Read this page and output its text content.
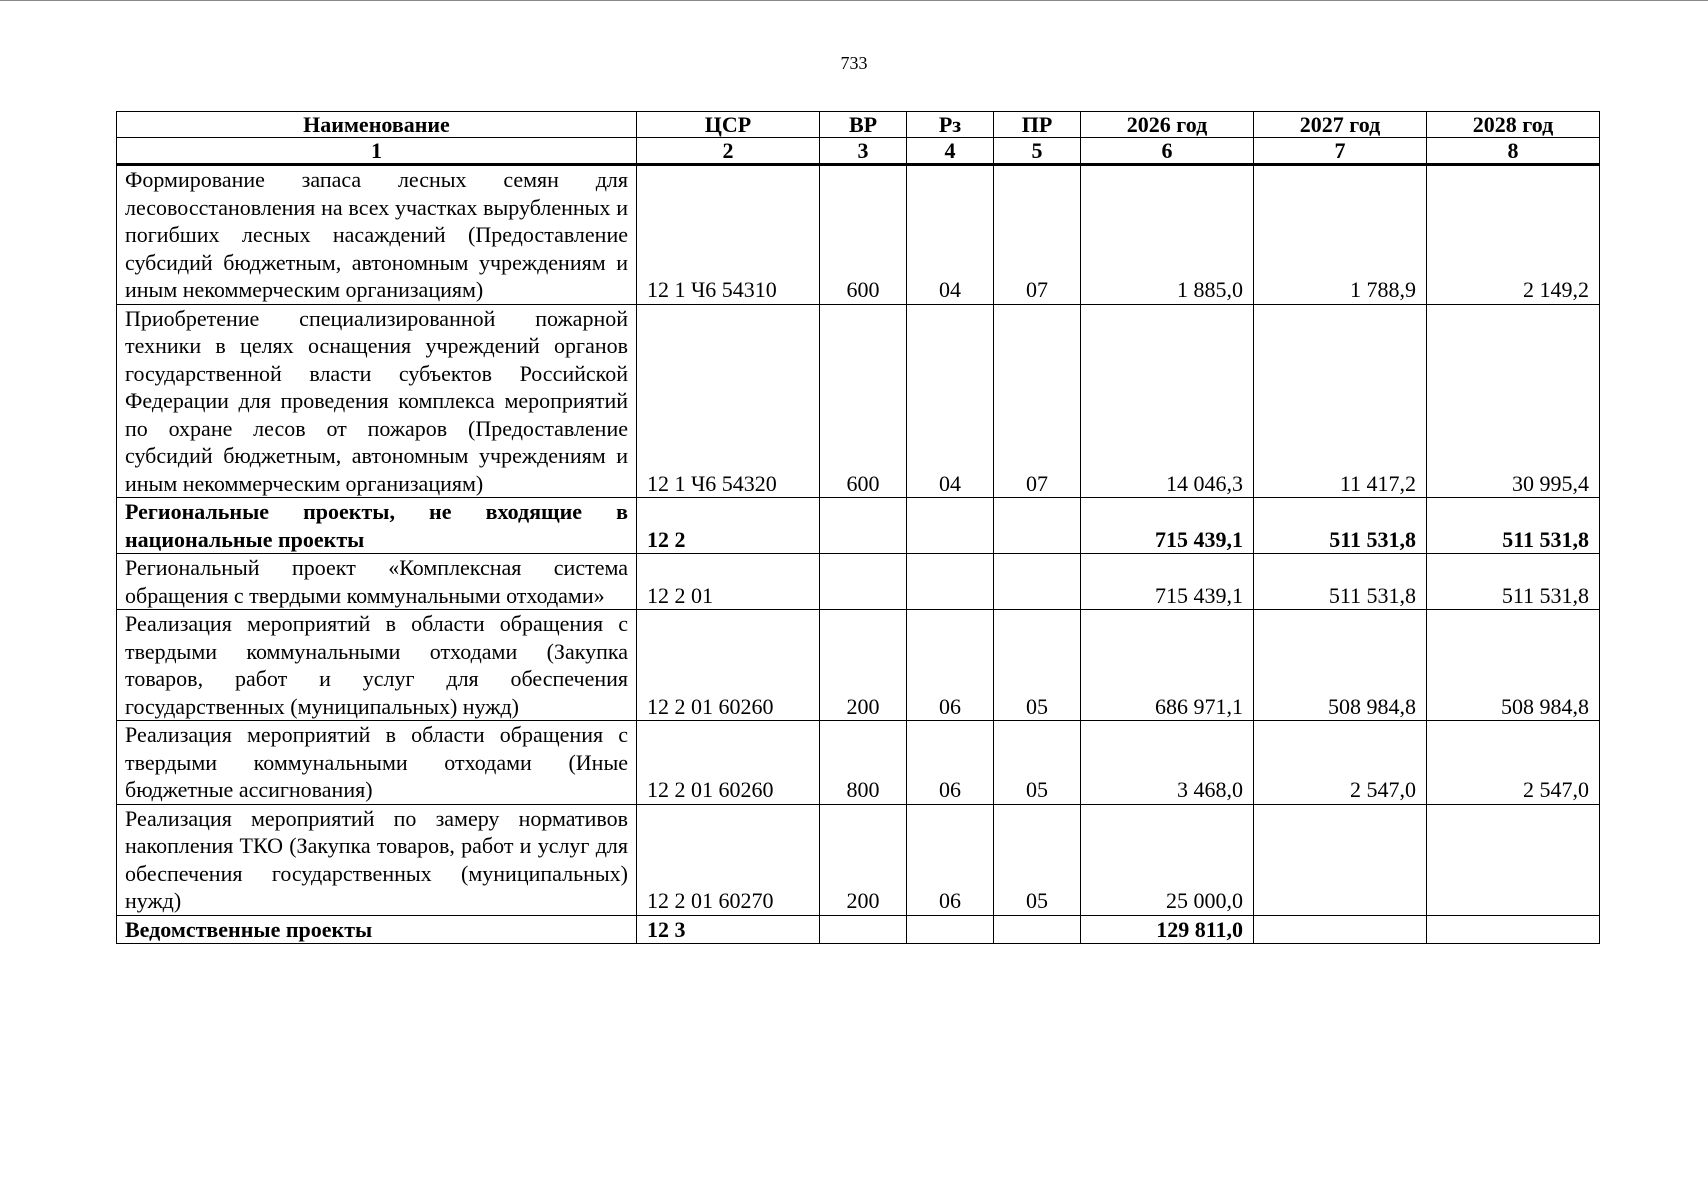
733
Наименование	ЦСР	ВР	Рз	ПР	2026 год	2027 год	2028 год
1	2	3	4	5	6	7	8
Формирование запаса лесных семян для лесовосстановления на всех участках вырубленных и погибших лесных насаждений (Предоставление субсидий бюджетным, автономным учреждениям и иным некоммерческим организациям)	12 1 Ч6 54310	600	04	07	1 885,0	1 788,9	2 149,2
Приобретение специализированной пожарной техники в целях оснащения учреждений органов государственной власти субъектов Российской Федерации для проведения комплекса мероприятий по охране лесов от пожаров (Предоставление субсидий бюджетным, автономным учреждениям и иным некоммерческим организациям)	12 1 Ч6 54320	600	04	07	14 046,3	11 417,2	30 995,4
Региональные проекты, не входящие в национальные проекты	12 2				715 439,1	511 531,8	511 531,8
Региональный проект «Комплексная система обращения с твердыми коммунальными отходами»	12 2 01				715 439,1	511 531,8	511 531,8
Реализация мероприятий в области обращения с твердыми коммунальными отходами (Закупка товаров, работ и услуг для обеспечения государственных (муниципальных) нужд)	12 2 01 60260	200	06	05	686 971,1	508 984,8	508 984,8
Реализация мероприятий в области обращения с твердыми коммунальными отходами (Иные бюджетные ассигнования)	12 2 01 60260	800	06	05	3 468,0	2 547,0	2 547,0
Реализация мероприятий по замеру нормативов накопления ТКО (Закупка товаров, работ и услуг для обеспечения государственных (муниципальных) нужд)	12 2 01 60270	200	06	05	25 000,0		
Ведомственные проекты	12 3				129 811,0		
